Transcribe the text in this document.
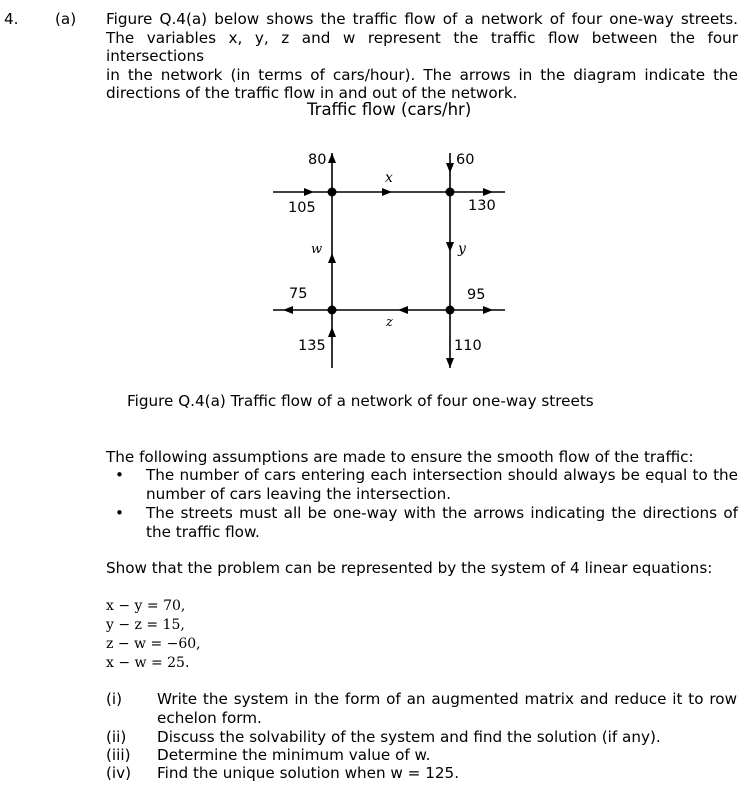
4. (a) Figure Q.4(a) below shows the traffic flow of a network of four one-way streets.
The variables x, y, z and w represent the traffic flow between the four intersections
in the network (in terms of cars/hour). The arrows in the diagram indicate the
directions of the traffic flow in and out of the network.
Traffic flow (cars/hr)
80	60
x
105	130
w	y
75	95
z
135	110
Figure Q.4(a) Traffic flow of a network of four one-way streets
The following assumptions are made to ensure the smooth flow of the traffic:
• The number of cars entering each intersection should always be equal to the
number of cars leaving the intersection.
• The streets must all be one-way with the arrows indicating the directions of
the traffic flow.
Show that the problem can be represented by the system of 4 linear equations:
x − y = 70,
y − z = 15,
z − w = −60,
x − w = 25.
(i) Write the system in the form of an augmented matrix and reduce it to row
echelon form.
(ii) Discuss the solvability of the system and find the solution (if any).
(iii) Determine the minimum value of w.
(iv) Find the unique solution when w = 125.
